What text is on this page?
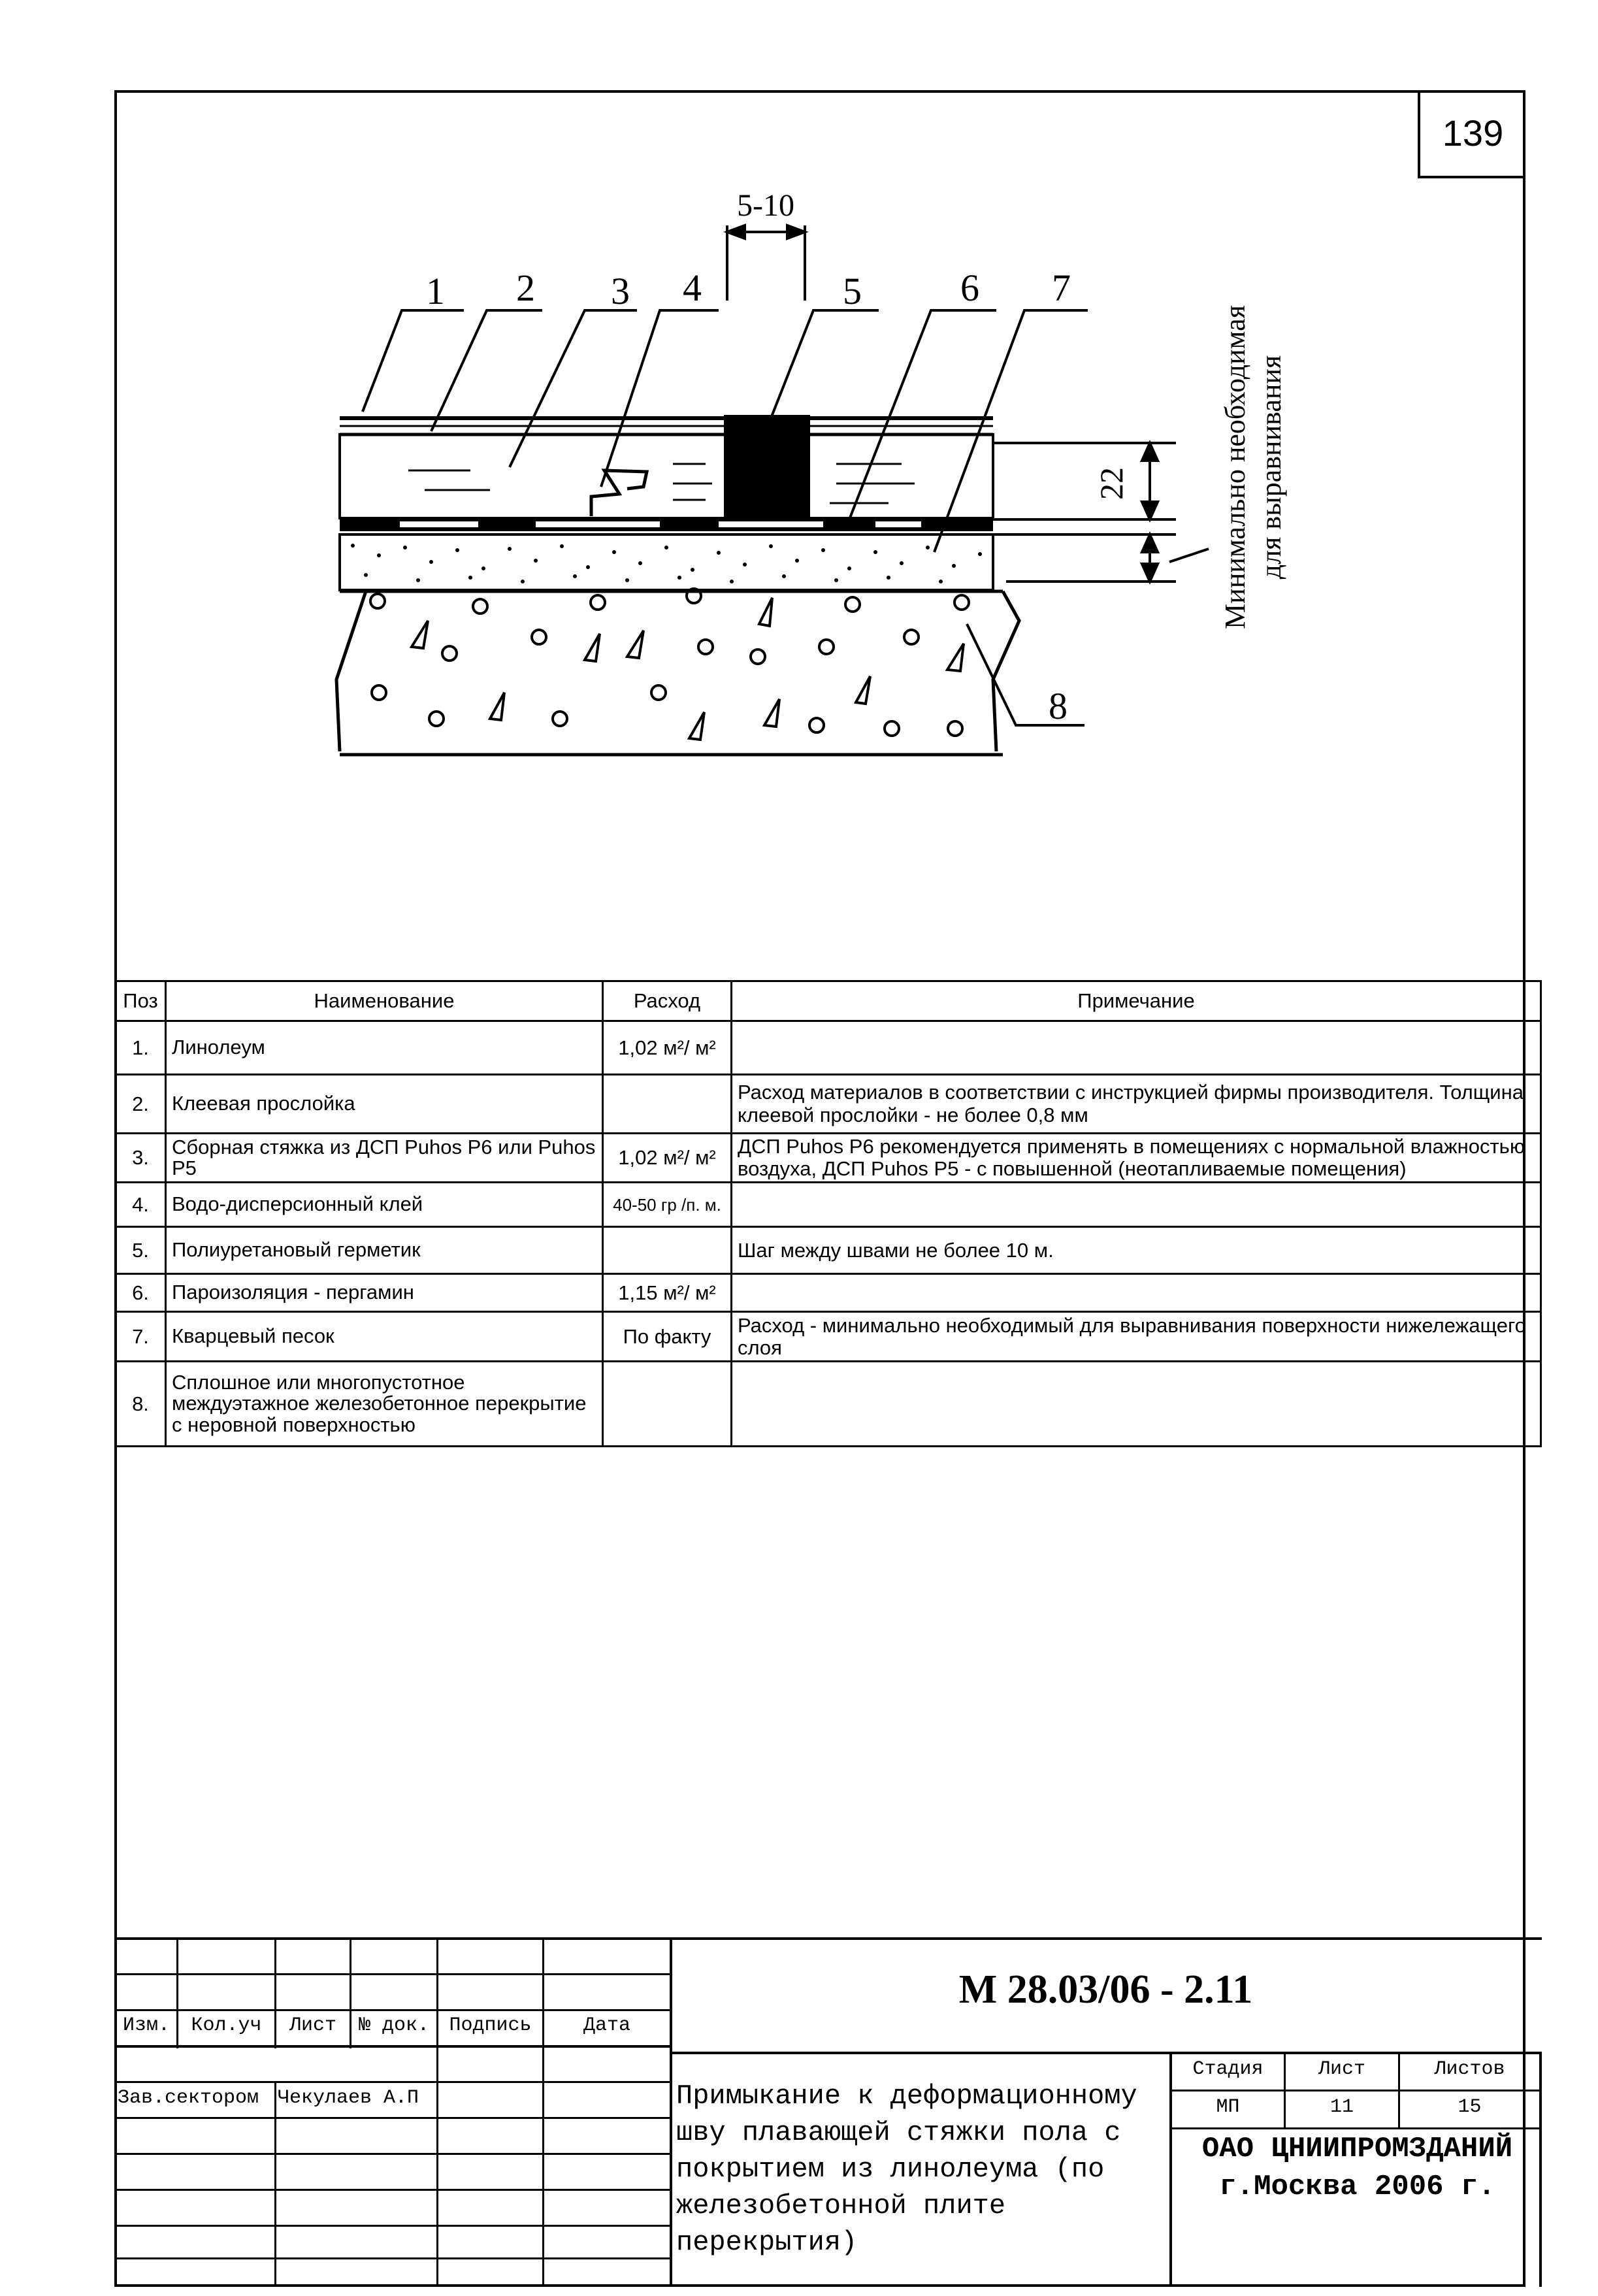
139
5-10
22	Минимально необходимая для выравнивания
1 2 3 4	5	6 7
8
Поз	Наименование	Расход	Примечание
1.	Линолеум	1,02 м²/ м²	
2.	Клеевая прослойка		Расход материалов в соответствии с инструкцией фирмы производителя. Толщина клеевой прослойки - не более 0,8 мм
3.	Сборная стяжка из ДСП Puhos P6 или Puhos P5	1,02 м²/ м²	ДСП Puhos P6 рекомендуется применять в помещениях с нормальной влажностью воздуха, ДСП Puhos P5 - с повышенной (неотапливаемые помещения)
4.	Водо-дисперсионный клей	40-50 гр /п. м.	
5.	Полиуретановый герметик		Шаг между швами не более 10 м.
6.	Пароизоляция - пергамин	1,15 м²/ м²	
7.	Кварцевый песок	По факту	Расход - минимально необходимый для выравнивания поверхности нижележащего слоя
8.	Сплошное или многопустотное междуэтажное железобетонное перекрытие с неровной поверхностью		
Изм.	Кол.уч	Лист	№ док.	Подпись	Дата
Зав.сектором Чекулаев А.П
М 28.03/06 - 2.11
Примыкание к деформационному шву плавающей стяжки пола с покрытием из линолеума (по железобетонной плите перекрытия)
Стадия	Лист	Листов
МП	11	15
ОАО ЦНИИПРОМЗДАНИЙ
г.Москва 2006 г.
